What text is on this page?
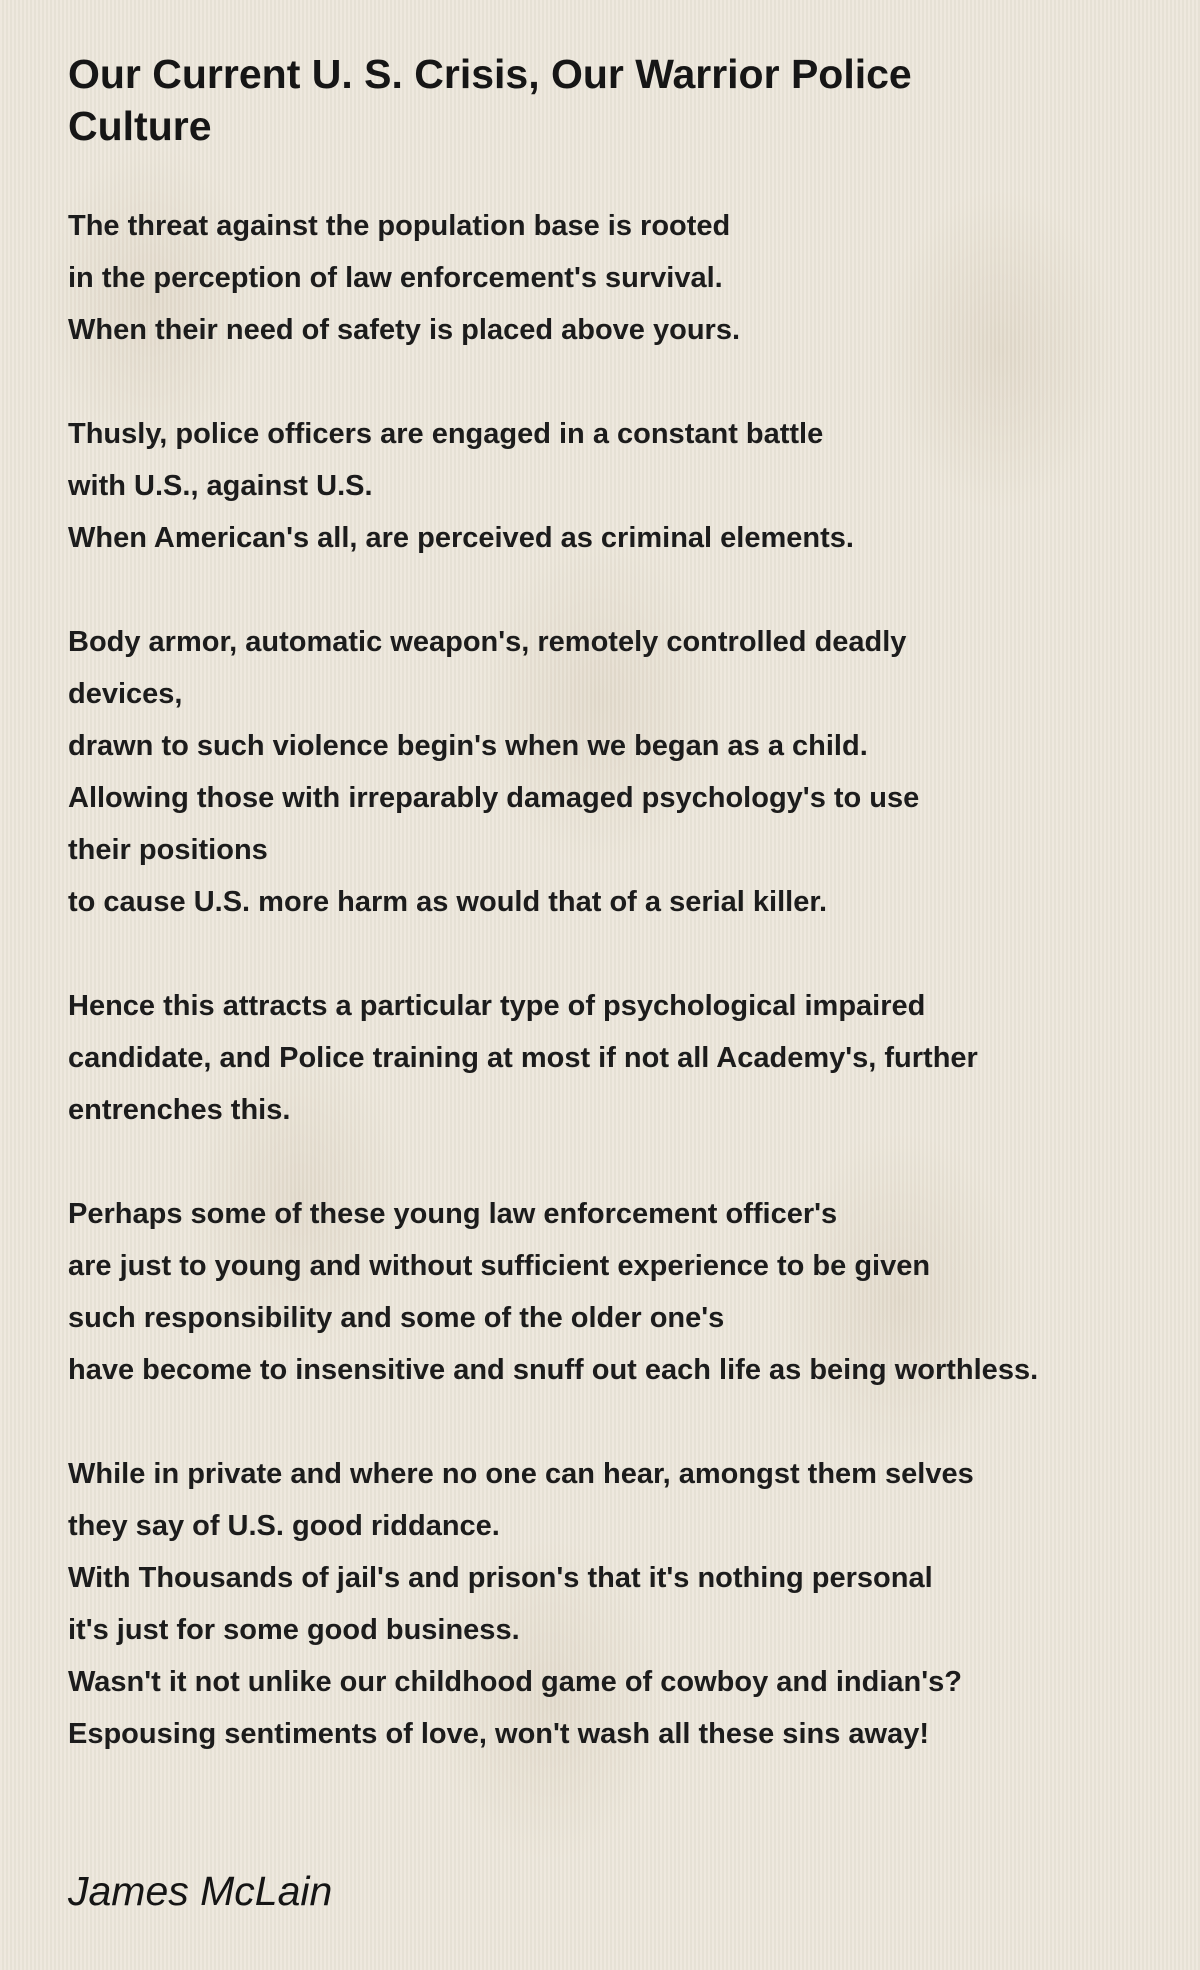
Our Current U. S. Crisis, Our Warrior Police Culture
The threat against the population base is rooted
in the perception of law enforcement's survival.
When their need of safety is placed above yours.
Thusly, police officers are engaged in a constant battle
with U.S., against U.S.
When American's all, are perceived as criminal elements.
Body armor, automatic weapon's, remotely controlled deadly
devices,
drawn to such violence begin's when we began as a child.
Allowing those with irreparably damaged psychology's to use
their positions
to cause U.S. more harm as would that of a serial killer.
Hence this attracts a particular type of psychological impaired
candidate, and Police training at most if not all Academy's, further
entrenches this.
Perhaps some of these young law enforcement officer's
are just to young and without sufficient experience to be given
such responsibility and some of the older one's
have become to insensitive and snuff out each life as being worthless.
While in private and where no one can hear, amongst them selves
they say of U.S. good riddance.
With Thousands of jail's and prison's that it's nothing personal
it's just for some good business.
Wasn't it not unlike our childhood game of cowboy and indian's?
Espousing sentiments of love, won't wash all these sins away!
James McLain
